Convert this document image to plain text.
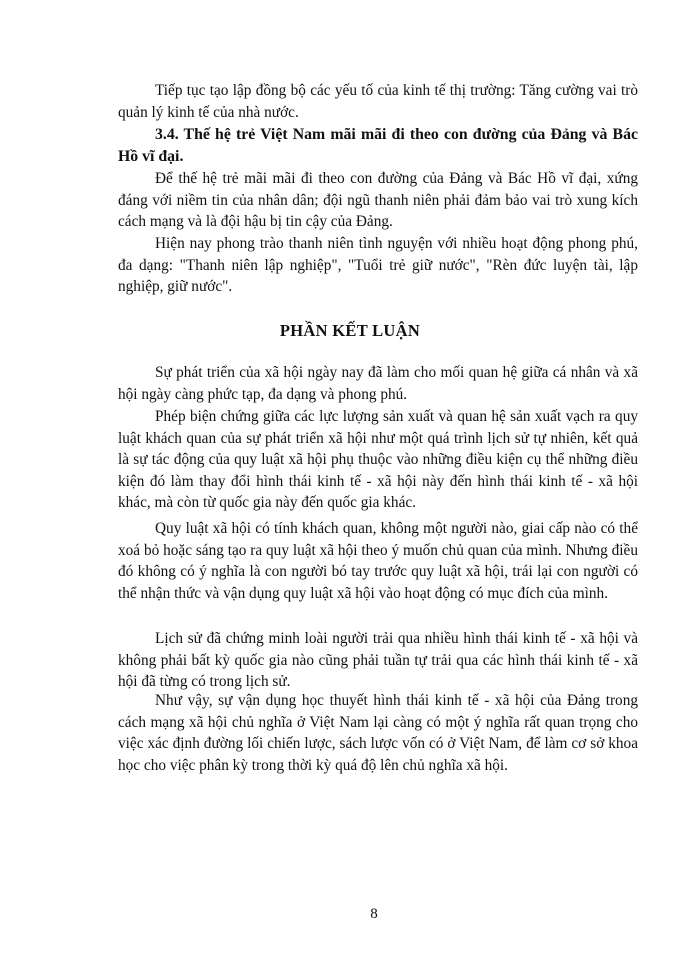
Tiếp tục tạo lập đồng bộ các yếu tố của kinh tế thị trường: Tăng cường vai trò quản lý kinh tế của nhà nước.

3.4. Thế hệ trẻ Việt Nam mãi mãi đi theo con đường của Đảng và Bác Hồ vĩ đại.

Để thế hệ trẻ mãi mãi đi theo con đường của Đảng và Bác Hồ vĩ đại, xứng đáng với niềm tin của nhân dân; đội ngũ thanh niên phải đảm bảo vai trò xung kích cách mạng và là đội hậu bị tin cậy của Đảng.

Hiện nay phong trào thanh niên tình nguyện với nhiều hoạt động phong phú, đa dạng: "Thanh niên lập nghiệp", "Tuổi trẻ giữ nước", "Rèn đức luyện tài, lập nghiệp, giữ nước".

PHẦN KẾT LUẬN

Sự phát triển của xã hội ngày nay đã làm cho mối quan hệ giữa cá nhân và xã hội ngày càng phức tạp, đa dạng và phong phú.

Phép biện chứng giữa các lực lượng sản xuất và quan hệ sản xuất vạch ra quy luật khách quan của sự phát triển xã hội như một quá trình lịch sử tự nhiên, kết quả là sự tác động của quy luật xã hội phụ thuộc vào những điều kiện cụ thể những điều kiện đó làm thay đổi hình thái kinh tế - xã hội này đến hình thái kinh tế - xã hội khác, mà còn từ quốc gia này đến quốc gia khác.

Quy luật xã hội có tính khách quan, không một người nào, giai cấp nào có thể xoá bỏ hoặc sáng tạo ra quy luật xã hội theo ý muốn chủ quan của mình. Nhưng điều đó không có ý nghĩa là con người bó tay trước quy luật xã hội, trái lại con người có thể nhận thức và vận dụng quy luật xã hội vào hoạt động có mục đích của mình.

Lịch sử đã chứng minh loài người trải qua nhiều hình thái kinh tế - xã hội và không phải bất kỳ quốc gia nào cũng phải tuần tự trải qua các hình thái kinh tế - xã hội đã từng có trong lịch sử.

Như vậy, sự vận dụng học thuyết hình thái kinh tế - xã hội của Đảng trong cách mạng xã hội chủ nghĩa ở Việt Nam lại càng có một ý nghĩa rất quan trọng cho việc xác định đường lối chiến lược, sách lược vốn có ở Việt Nam, để làm cơ sở khoa học cho việc phân kỳ trong thời kỳ quá độ lên chủ nghĩa xã hội.

8
